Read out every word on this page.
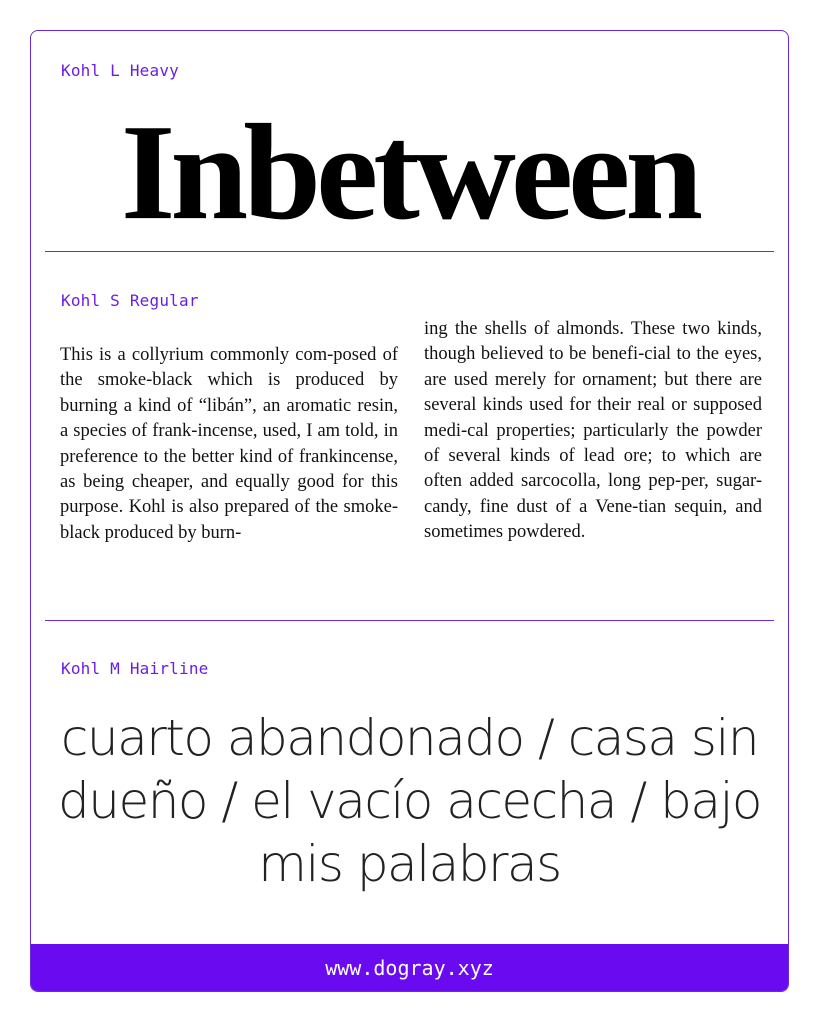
Kohl L Heavy
Inbetween
Kohl S Regular
This is a collyrium commonly com-posed of the smoke-black which is produced by burning a kind of “libán”, an aromatic resin, a species of frank-incense, used, I am told, in preference to the better kind of frankincense, as being cheaper, and equally good for this purpose. Kohl is also prepared of the smoke-black produced by burn-
ing the shells of almonds. These two kinds, though believed to be benefi-cial to the eyes, are used merely for ornament; but there are several kinds used for their real or supposed medi-cal properties; particularly the powder of several kinds of lead ore; to which are often added sarcocolla, long pep-per, sugar-candy, fine dust of a Vene-tian sequin, and sometimes powdered.
Kohl M Hairline
cuarto abandonado / casa sin dueño / el vacío acecha / bajo mis palabras
www.dogray.xyz
